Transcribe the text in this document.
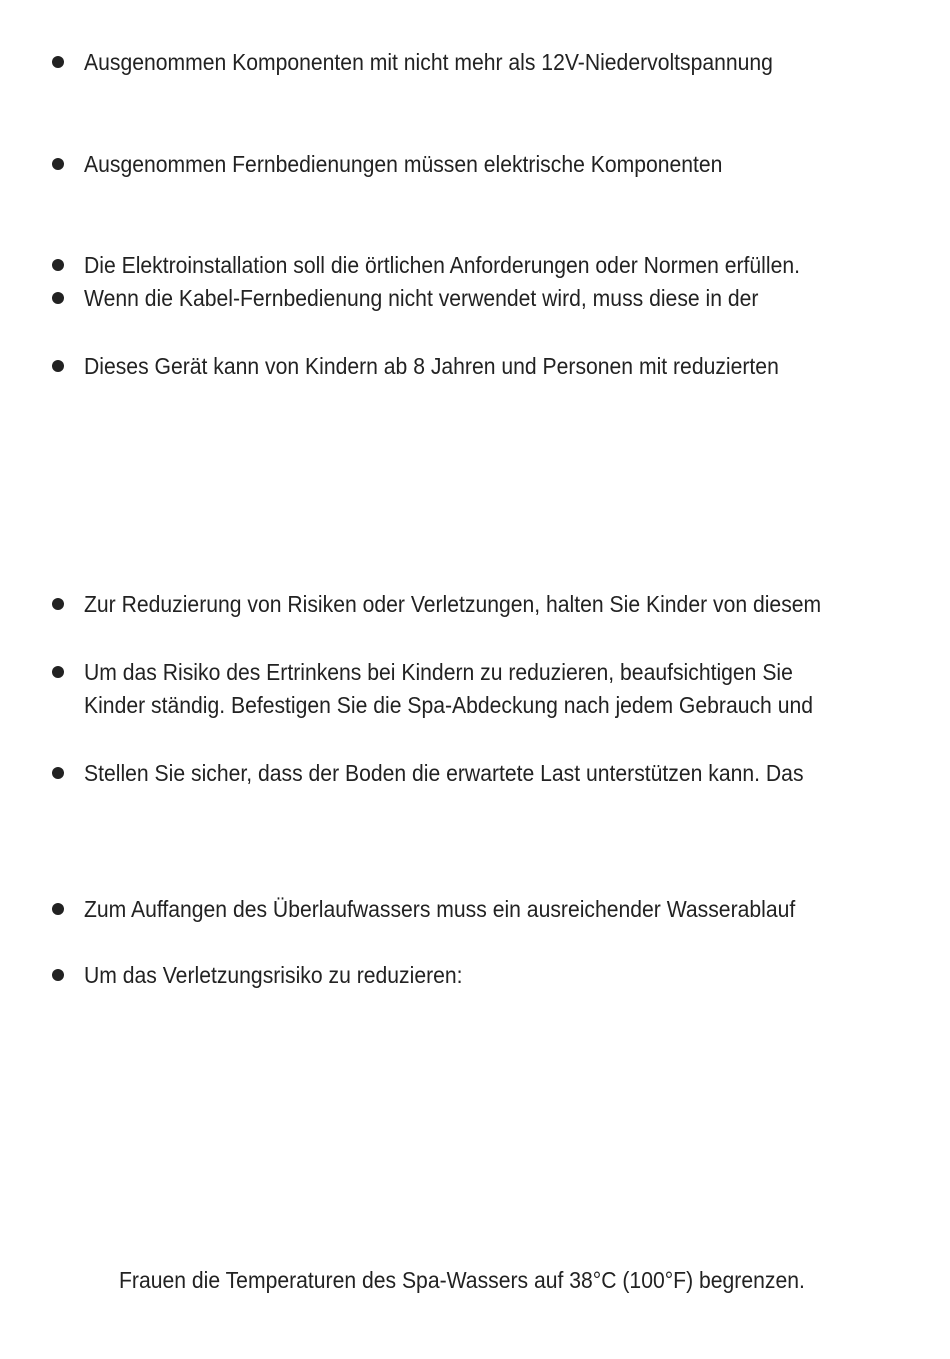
Ausgenommen Komponenten mit nicht mehr als 12V-Niedervoltspannung
Ausgenommen Fernbedienungen müssen elektrische Komponenten
Die Elektroinstallation soll die örtlichen Anforderungen oder Normen erfüllen.
Wenn die Kabel-Fernbedienung nicht verwendet wird, muss diese in der
Dieses Gerät kann von Kindern ab 8 Jahren und Personen mit reduzierten
Zur Reduzierung von Risiken oder Verletzungen, halten Sie Kinder von diesem
Um das Risiko des Ertrinkens bei Kindern zu reduzieren, beaufsichtigen Sie
Kinder ständig. Befestigen Sie die Spa-Abdeckung nach jedem Gebrauch und
Stellen Sie sicher, dass der Boden die erwartete Last unterstützen kann. Das
Zum Auffangen des Überlaufwassers muss ein ausreichender Wasserablauf
Um das Verletzungsrisiko zu reduzieren:
Frauen die Temperaturen des Spa-Wassers auf 38°C (100°F) begrenzen.
